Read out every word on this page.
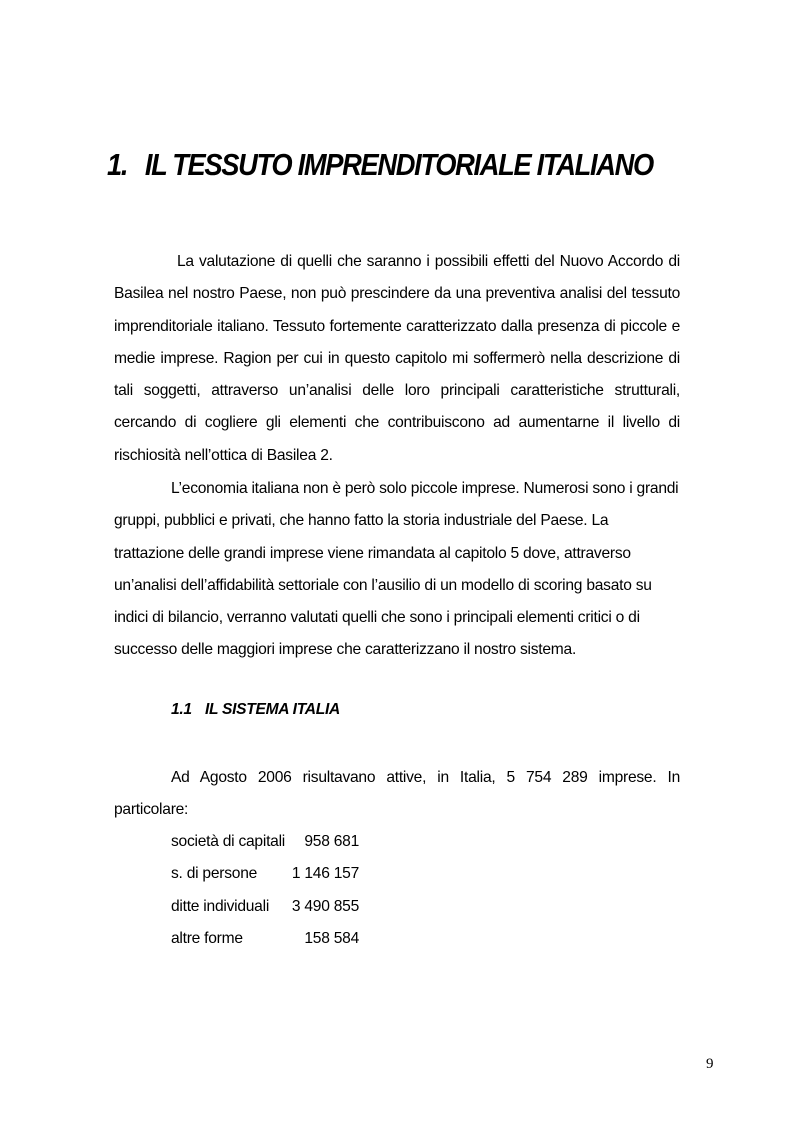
1. IL TESSUTO IMPRENDITORIALE ITALIANO

La valutazione di quelli che saranno i possibili effetti del Nuovo Accordo di Basilea nel nostro Paese, non può prescindere da una preventiva analisi del tessuto imprenditoriale italiano. Tessuto fortemente caratterizzato dalla presenza di piccole e medie imprese. Ragion per cui in questo capitolo mi soffermerò nella descrizione di tali soggetti, attraverso un’analisi delle loro principali caratteristiche strutturali, cercando di cogliere gli elementi che contribuiscono ad aumentarne il livello di rischiosità nell’ottica di Basilea 2.

L’economia italiana non è però solo piccole imprese. Numerosi sono i grandi gruppi, pubblici e privati, che hanno fatto la storia industriale del Paese. La trattazione delle grandi imprese viene rimandata al capitolo 5 dove, attraverso un’analisi dell’affidabilità settoriale con l’ausilio di un modello di scoring basato su indici di bilancio, verranno valutati quelli che sono i principali elementi critici o di successo delle maggiori imprese che caratterizzano il nostro sistema.

1.1 IL SISTEMA ITALIA

Ad Agosto 2006 risultavano attive, in Italia, 5 754 289 imprese. In particolare:

società di capitali	958 681
s. di persone	1 146 157
ditte individuali	3 490 855
altre forme	158 584
9
